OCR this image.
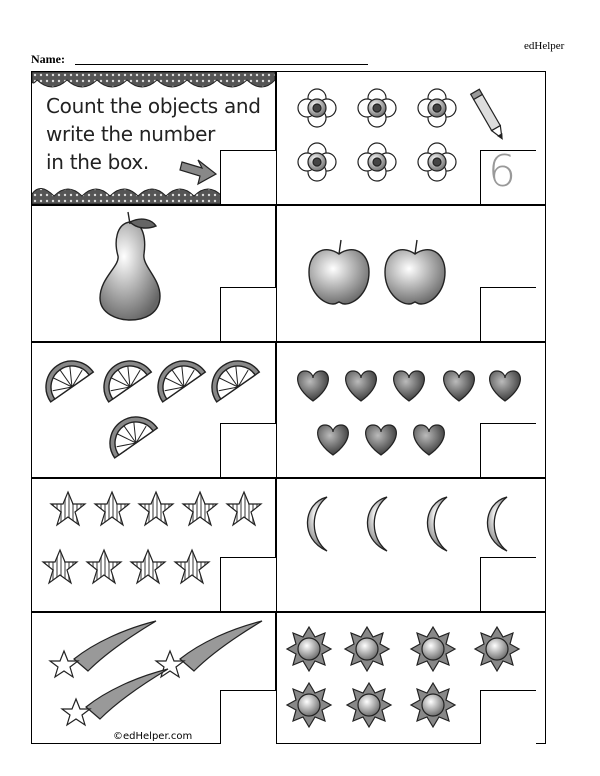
edHelper
Name:
Count the objects and
write the number
in the box.	6
©edHelper.com
